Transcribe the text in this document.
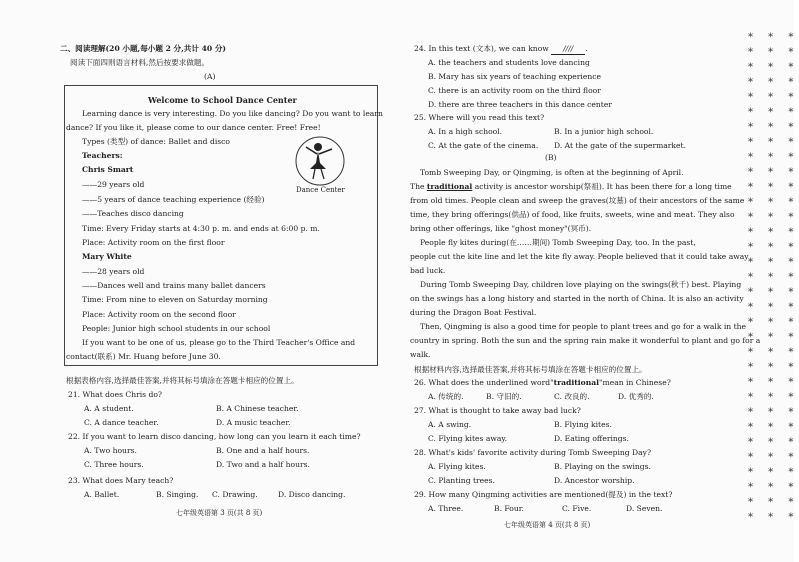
二、阅读理解(20 小题,每小题 2 分,共计 40 分)
阅读下面四则语言材料,然后按要求做题。
(A)
Welcome to School Dance Center
Learning dance is very interesting. Do you like dancing? Do you want to learn
dance? If you like it, please come to our dance center. Free! Free!
Types (类型) of dance: Ballet and disco
Teachers:
Chris Smart
——29 years old
——5 years of dance teaching experience (经验)
——Teaches disco dancing
Time: Every Friday starts at 4:30 p. m. and ends at 6:00 p. m.
Place: Activity room on the first floor
Mary White
——28 years old
——Dances well and trains many ballet dancers
Time: From nine to eleven on Saturday morning
Place: Activity room on the second floor
People: Junior high school students in our school
If you want to be one of us, please go to the Third Teacher's Office and
contact(联系) Mr. Huang before June 30.
Dance Center
根据表格内容,选择最佳答案,并将其标号填涂在答题卡相应的位置上。
21. What does Chris do?
A. A student.	B. A Chinese teacher.
C. A dance teacher.	D. A music teacher.
22. If you want to learn disco dancing, how long can you learn it each time?
A. Two hours.	B. One and a half hours.
C. Three hours.	D. Two and a half hours.
23. What does Mary teach?
A. Ballet.	B. Singing. C. Drawing.	D. Disco dancing.
七年级英语第 3 页(共 8 页)
24. In this text (文本), we can know //// .
A. the teachers and students love dancing
B. Mary has six years of teaching experience
C. there is an activity room on the third floor
D. there are three teachers in this dance center
25. Where will you read this text?
A. In a high school.	B. In a junior high school.
C. At the gate of the cinema. D. At the gate of the supermarket.
(B)
Tomb Sweeping Day, or Qingming, is often at the beginning of April.
The traditional activity is ancestor worship(祭祖). It has been there for a long time
from old times. People clean and sweep the graves(坟墓) of their ancestors of the same
time, they bring offerings(供品) of food, like fruits, sweets, wine and meat. They also
bring other offerings, like "ghost money"(冥币).
People fly kites during(在……期间) Tomb Sweeping Day, too. In the past,
people cut the kite line and let the kite fly away. People believed that it could take away
bad luck.
During Tomb Sweeping Day, children love playing on the swings(秋千) best. Playing
on the swings has a long history and started in the north of China. It is also an activity
during the Dragon Boat Festival.
Then, Qingming is also a good time for people to plant trees and go for a walk in the
country in spring. Both the sun and the spring rain make it wonderful to plant and go for a
walk.
根据材料内容,选择最佳答案,并将其标号填涂在答题卡相应的位置上。
26. What does the underlined word"traditional"mean in Chinese?
A. 传统的.	B. 守旧的.	C. 改良的.	D. 优秀的.
27. What is thought to take away bad luck?
A. A swing.	B. Flying kites.
C. Flying kites away.	D. Eating offerings.
28. What's kids' favorite activity during Tomb Sweeping Day?
A. Flying kites.	B. Playing on the swings.
C. Planting trees.	D. Ancestor worship.
29. How many Qingming activities are mentioned(提及) in the text?
A. Three.	B. Four.	C. Five.	D. Seven.
七年级英语第 4 页(共 8 页)
* * *
* * *
* * *
* * *
* * *
* * *
* * *
* * *
* * *
* * *
* * *
* * *
* * *
* * *
* * *
* * *
* * *
* * *
* * *
* * *
* * *
* * *
* * *
* * *
* * *
* * *
* * *
* * *
* * *
* * *
* * *
* * *
* * *
